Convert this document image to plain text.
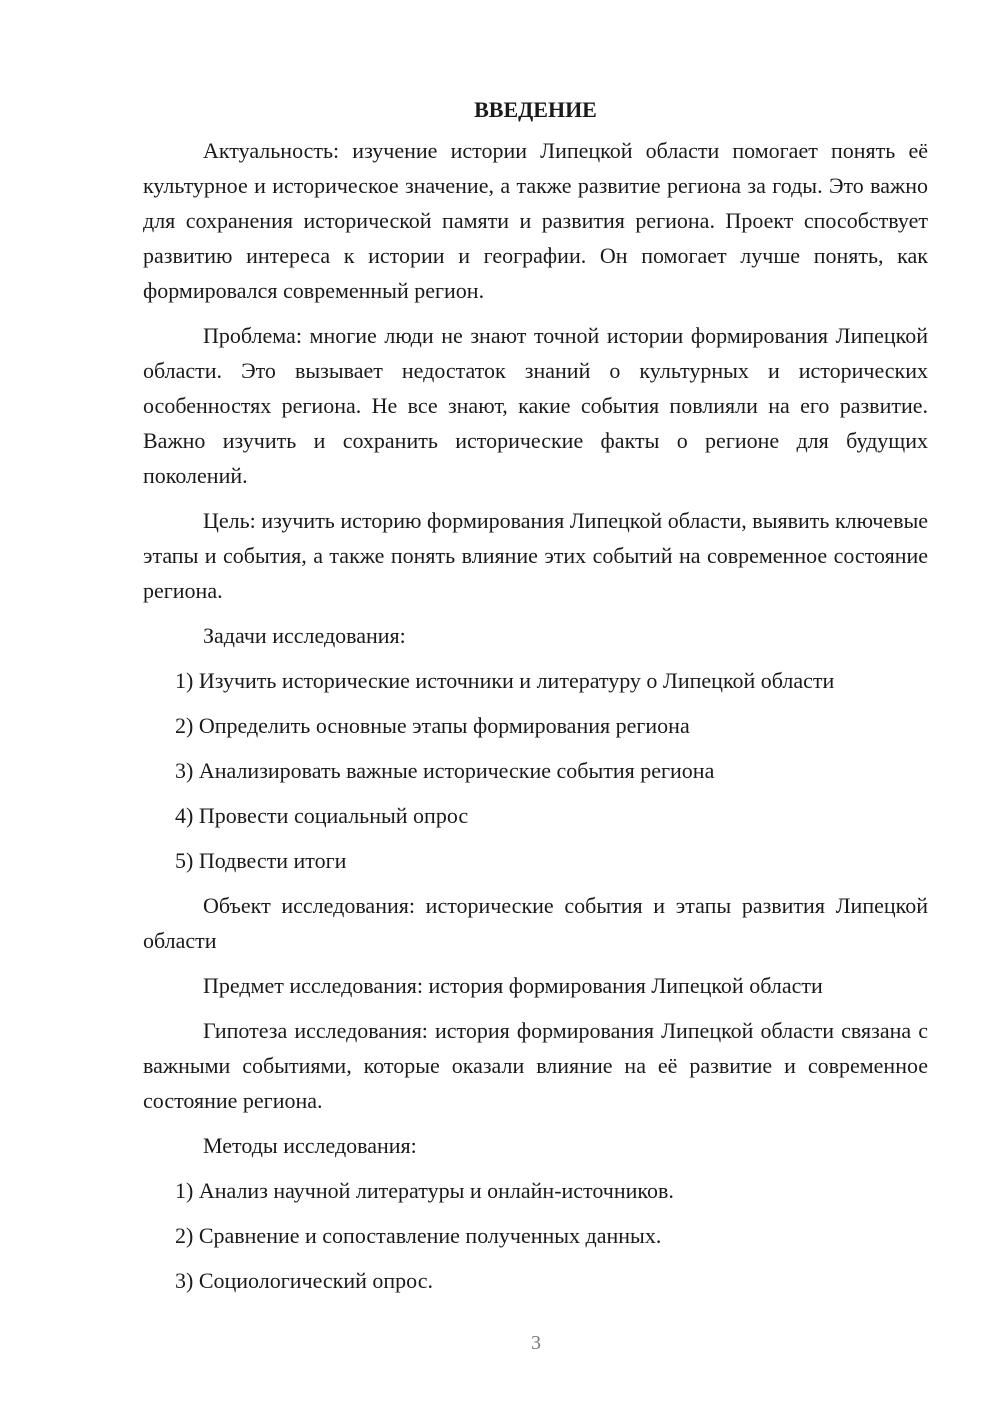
ВВЕДЕНИЕ

Актуальность: изучение истории Липецкой области помогает понять её культурное и историческое значение, а также развитие региона за годы. Это важно для сохранения исторической памяти и развития региона. Проект способствует развитию интереса к истории и географии. Он помогает лучше понять, как формировался современный регион.

Проблема: многие люди не знают точной истории формирования Липецкой области. Это вызывает недостаток знаний о культурных и исторических особенностях региона. Не все знают, какие события повлияли на его развитие. Важно изучить и сохранить исторические факты о регионе для будущих поколений.

Цель: изучить историю формирования Липецкой области, выявить ключевые этапы и события, а также понять влияние этих событий на современное состояние региона.

Задачи исследования:

1) Изучить исторические источники и литературу о Липецкой области

2) Определить основные этапы формирования региона

3) Анализировать важные исторические события региона

4) Провести социальный опрос

5) Подвести итоги

Объект исследования: исторические события и этапы развития Липецкой области

Предмет исследования: история формирования Липецкой области

Гипотеза исследования: история формирования Липецкой области связана с важными событиями, которые оказали влияние на её развитие и современное состояние региона.

Методы исследования:

1) Анализ научной литературы и онлайн-источников.

2) Сравнение и сопоставление полученных данных.

3) Социологический опрос.

3
